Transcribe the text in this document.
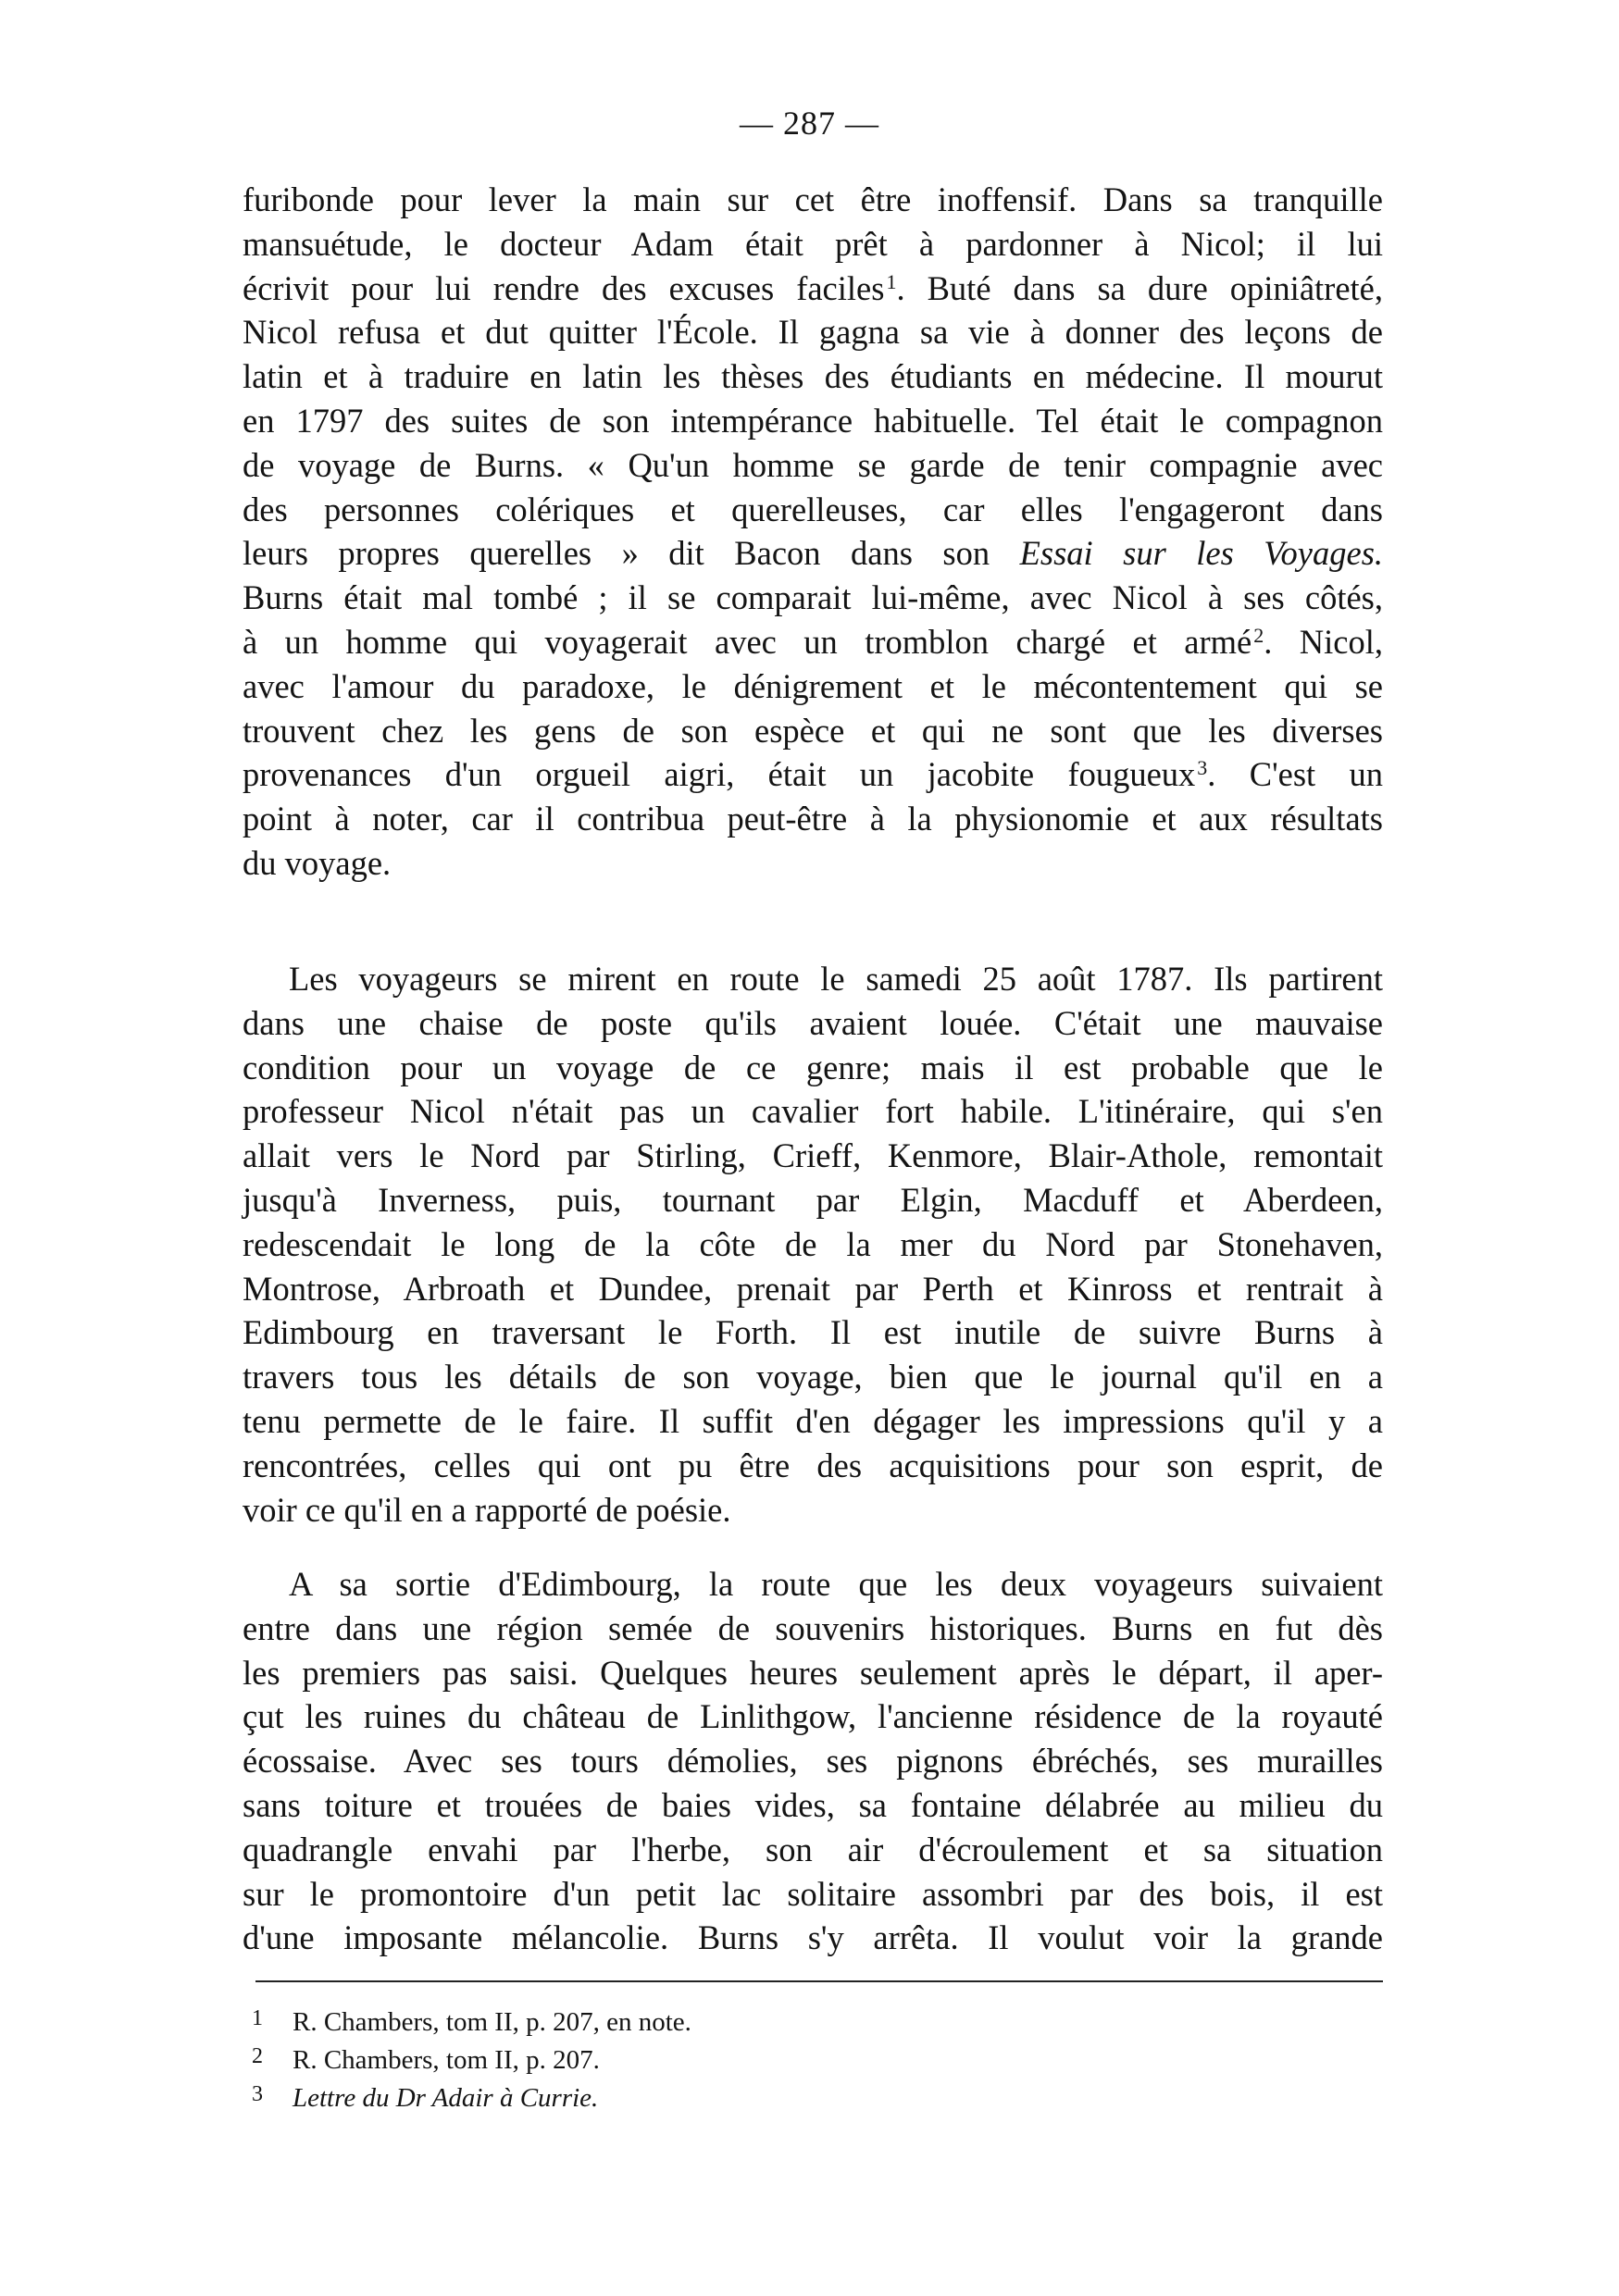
— 287 —
furibonde pour lever la main sur cet être inoffensif. Dans sa tranquille
mansuétude, le docteur Adam était prêt à pardonner à Nicol; il lui
écrivit pour lui rendre des excuses faciles$^1$. Buté dans sa dure opiniâtreté,
Nicol refusa et dut quitter l'École. Il gagna sa vie à donner des leçons de
latin et à traduire en latin les thèses des étudiants en médecine. Il mourut
en 1797 des suites de son intempérance habituelle. Tel était le compagnon
de voyage de Burns. « Qu'un homme se garde de tenir compagnie avec
des personnes colériques et querelleuses, car elles l'engageront dans
leurs propres querelles » dit Bacon dans son Essai sur les Voyages.
Burns était mal tombé ; il se comparait lui-même, avec Nicol à ses côtés,
à un homme qui voyagerait avec un tromblon chargé et armé$^2$. Nicol,
avec l'amour du paradoxe, le dénigrement et le mécontentement qui se
trouvent chez les gens de son espèce et qui ne sont que les diverses
provenances d'un orgueil aigri, était un jacobite fougueux$^3$. C'est un
point à noter, car il contribua peut-être à la physionomie et aux résultats
du voyage.
Les voyageurs se mirent en route le samedi 25 août 1787. Ils partirent
dans une chaise de poste qu'ils avaient louée. C'était une mauvaise
condition pour un voyage de ce genre; mais il est probable que le
professeur Nicol n'était pas un cavalier fort habile. L'itinéraire, qui s'en
allait vers le Nord par Stirling, Crieff, Kenmore, Blair-Athole, remontait
jusqu'à Inverness, puis, tournant par Elgin, Macduff et Aberdeen,
redescendait le long de la côte de la mer du Nord par Stonehaven,
Montrose, Arbroath et Dundee, prenait par Perth et Kinross et rentrait à
Edimbourg en traversant le Forth. Il est inutile de suivre Burns à
travers tous les détails de son voyage, bien que le journal qu'il en a
tenu permette de le faire. Il suffit d'en dégager les impressions qu'il y a
rencontrées, celles qui ont pu être des acquisitions pour son esprit, de
voir ce qu'il en a rapporté de poésie.
A sa sortie d'Edimbourg, la route que les deux voyageurs suivaient
entre dans une région semée de souvenirs historiques. Burns en fut dès
les premiers pas saisi. Quelques heures seulement après le départ, il aper-
çut les ruines du château de Linlithgow, l'ancienne résidence de la royauté
écossaise. Avec ses tours démolies, ses pignons ébréchés, ses murailles
sans toiture et trouées de baies vides, sa fontaine délabrée au milieu du
quadrangle envahi par l'herbe, son air d'écroulement et sa situation
sur le promontoire d'un petit lac solitaire assombri par des bois, il est
d'une imposante mélancolie. Burns s'y arrêta. Il voulut voir la grande
1 R. Chambers, tom II, p. 207, en note.
2 R. Chambers, tom II, p. 207.
3 Lettre du Dr Adair à Currie.
